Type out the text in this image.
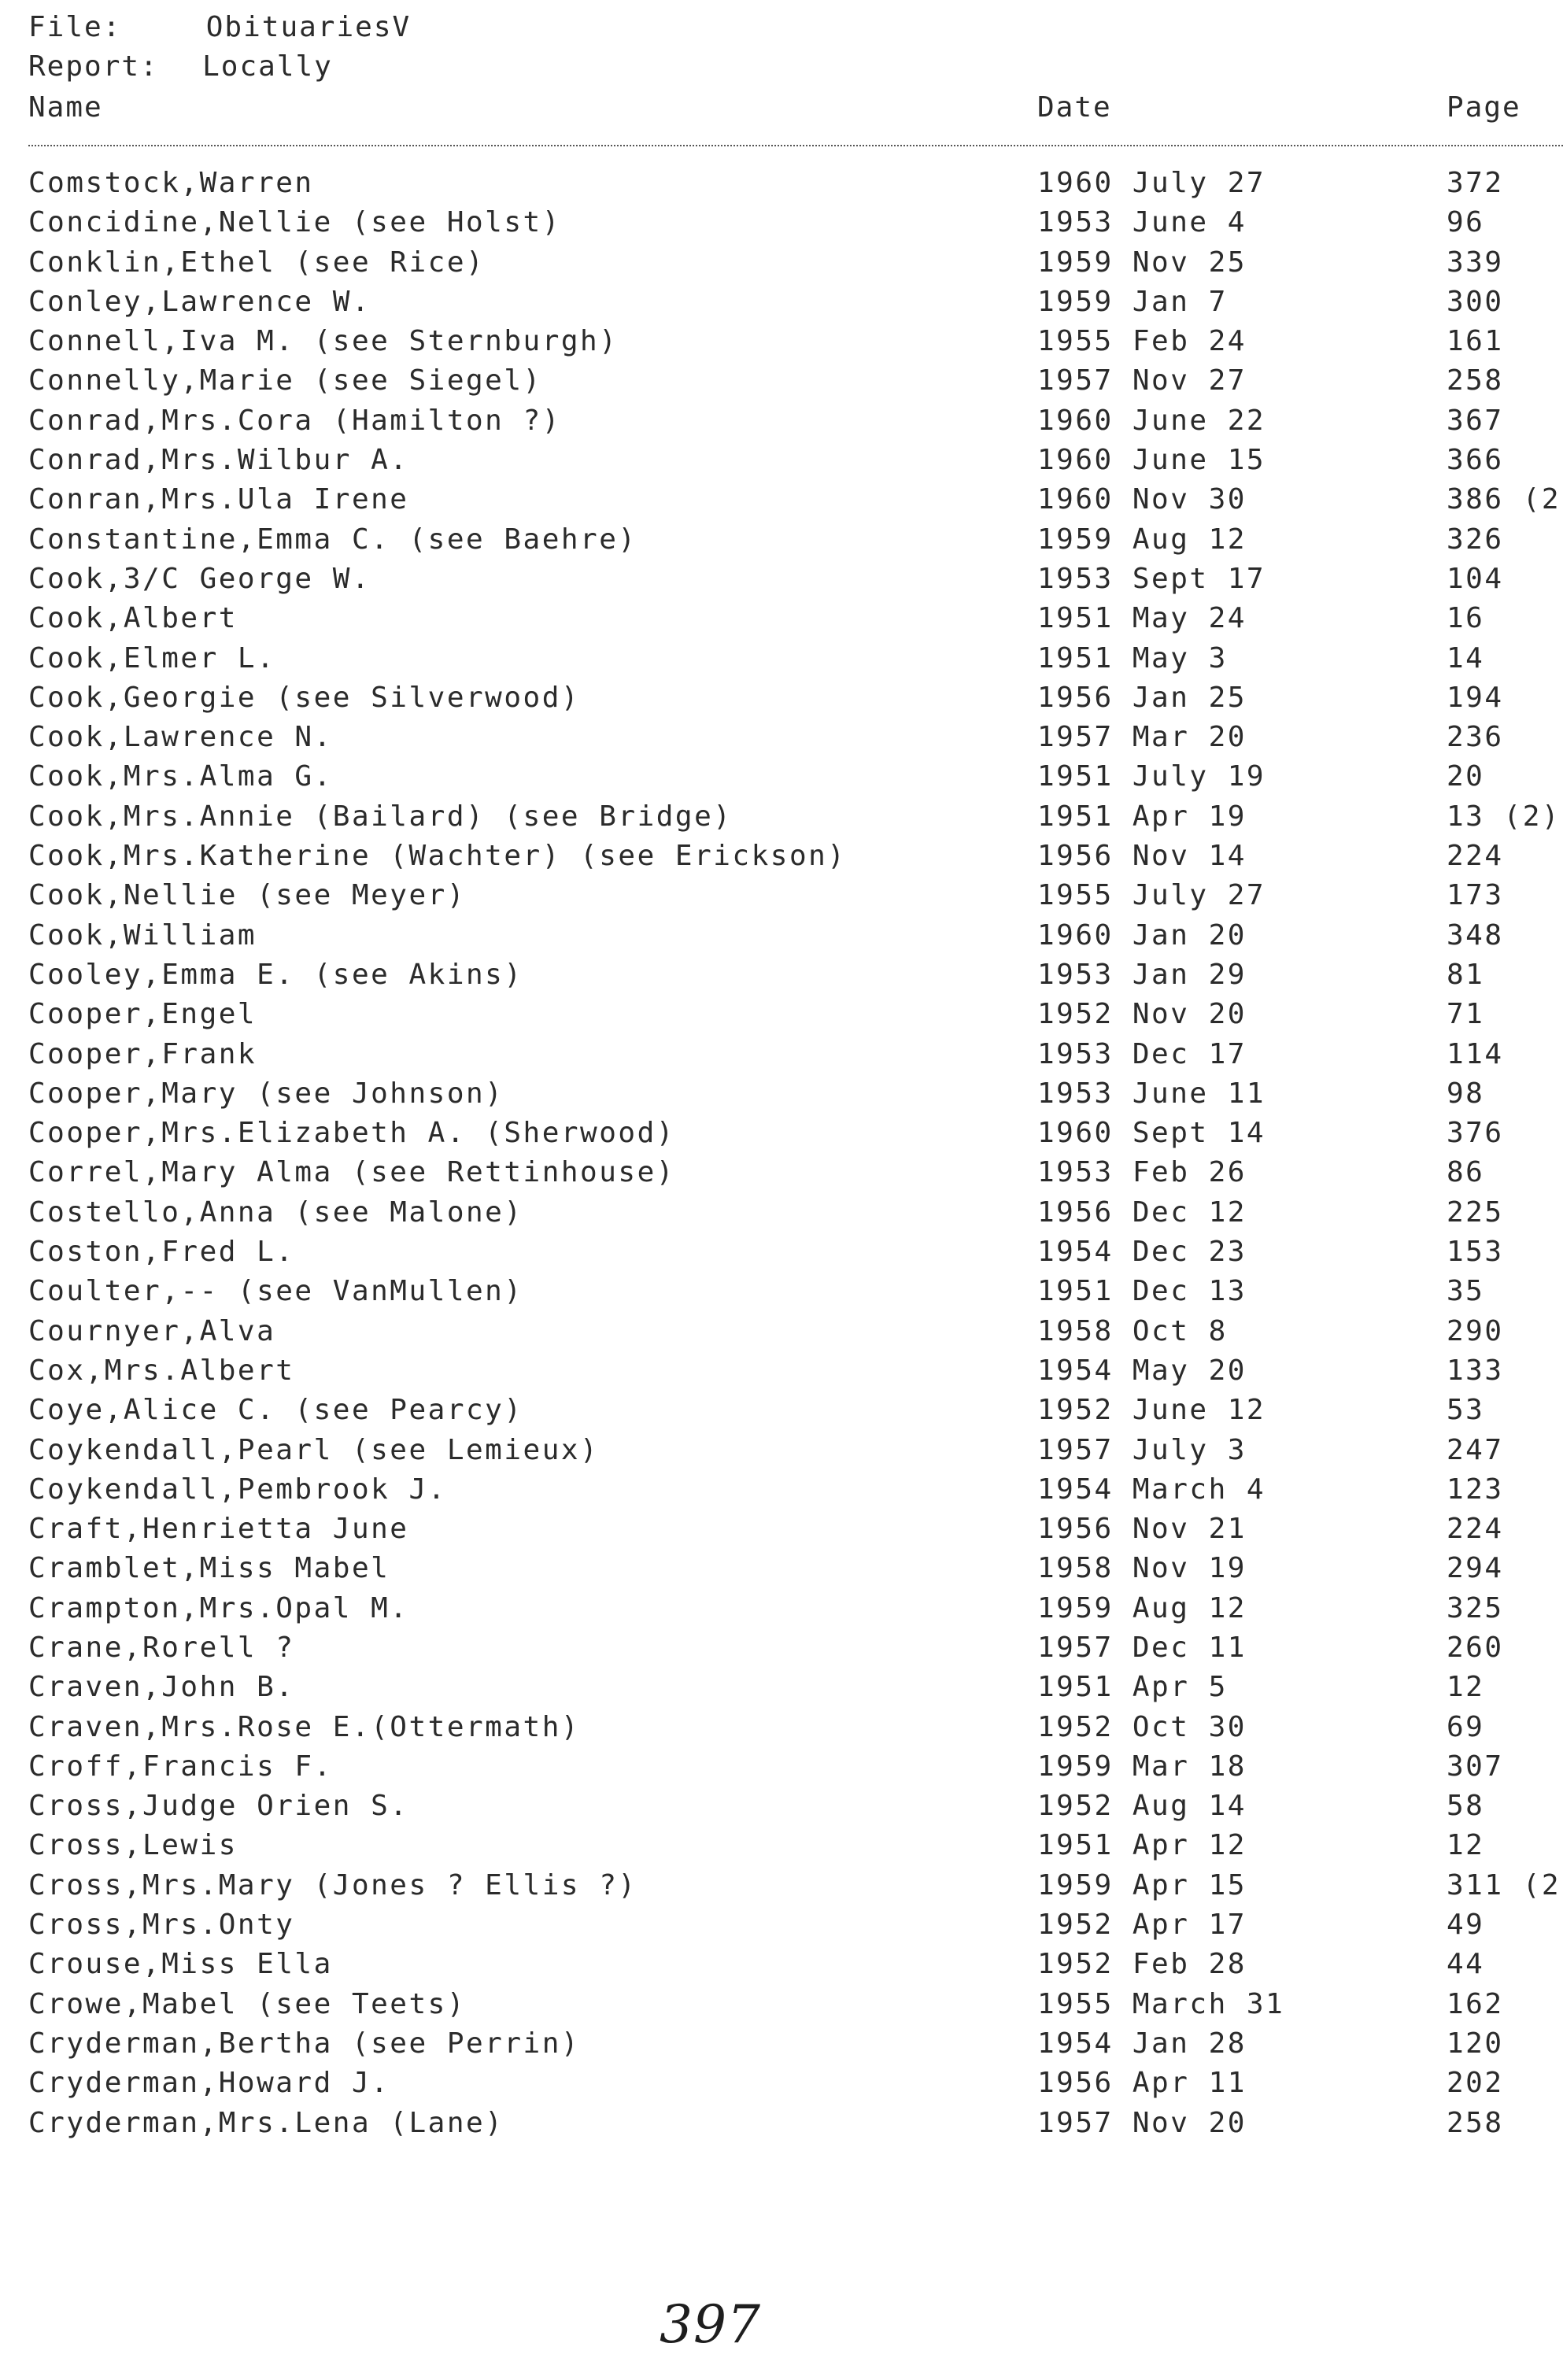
File:	ObituariesV
Report: Locally
Name	Date	Page
Comstock,Warren	1960 July 27	372
Concidine,Nellie (see Holst)	1953 June 4	96
Conklin,Ethel (see Rice)	1959 Nov 25	339
Conley,Lawrence W.	1959 Jan 7	300
Connell,Iva M. (see Sternburgh)	1955 Feb 24	161
Connelly,Marie (see Siegel)	1957 Nov 27	258
Conrad,Mrs.Cora (Hamilton ?)	1960 June 22	367
Conrad,Mrs.Wilbur A.	1960 June 15	366
Conran,Mrs.Ula Irene	1960 Nov 30	386 (2
Constantine,Emma C. (see Baehre)	1959 Aug 12	326
Cook,3/C George W.	1953 Sept 17	104
Cook,Albert	1951 May 24	16
Cook,Elmer L.	1951 May 3	14
Cook,Georgie (see Silverwood)	1956 Jan 25	194
Cook,Lawrence N.	1957 Mar 20	236
Cook,Mrs.Alma G.	1951 July 19	20
Cook,Mrs.Annie (Bailard) (see Bridge)	1951 Apr 19	13 (2)
Cook,Mrs.Katherine (Wachter) (see Erickson)	1956 Nov 14	224
Cook,Nellie (see Meyer)	1955 July 27	173
Cook,William	1960 Jan 20	348
Cooley,Emma E. (see Akins)	1953 Jan 29	81
Cooper,Engel	1952 Nov 20	71
Cooper,Frank	1953 Dec 17	114
Cooper,Mary (see Johnson)	1953 June 11	98
Cooper,Mrs.Elizabeth A. (Sherwood)	1960 Sept 14	376
Correl,Mary Alma (see Rettinhouse)	1953 Feb 26	86
Costello,Anna (see Malone)	1956 Dec 12	225
Coston,Fred L.	1954 Dec 23	153
Coulter,-- (see VanMullen)	1951 Dec 13	35
Cournyer,Alva	1958 Oct 8	290
Cox,Mrs.Albert	1954 May 20	133
Coye,Alice C. (see Pearcy)	1952 June 12	53
Coykendall,Pearl (see Lemieux)	1957 July 3	247
Coykendall,Pembrook J.	1954 March 4	123
Craft,Henrietta June	1956 Nov 21	224
Cramblet,Miss Mabel	1958 Nov 19	294
Crampton,Mrs.Opal M.	1959 Aug 12	325
Crane,Rorell ?	1957 Dec 11	260
Craven,John B.	1951 Apr 5	12
Craven,Mrs.Rose E.(Ottermath)	1952 Oct 30	69
Croff,Francis F.	1959 Mar 18	307
Cross,Judge Orien S.	1952 Aug 14	58
Cross,Lewis	1951 Apr 12	12
Cross,Mrs.Mary (Jones ? Ellis ?)	1959 Apr 15	311 (2
Cross,Mrs.Onty	1952 Apr 17	49
Crouse,Miss Ella	1952 Feb 28	44
Crowe,Mabel (see Teets)	1955 March 31	162
Cryderman,Bertha (see Perrin)	1954 Jan 28	120
Cryderman,Howard J.	1956 Apr 11	202
Cryderman,Mrs.Lena (Lane)	1957 Nov 20	258
397
